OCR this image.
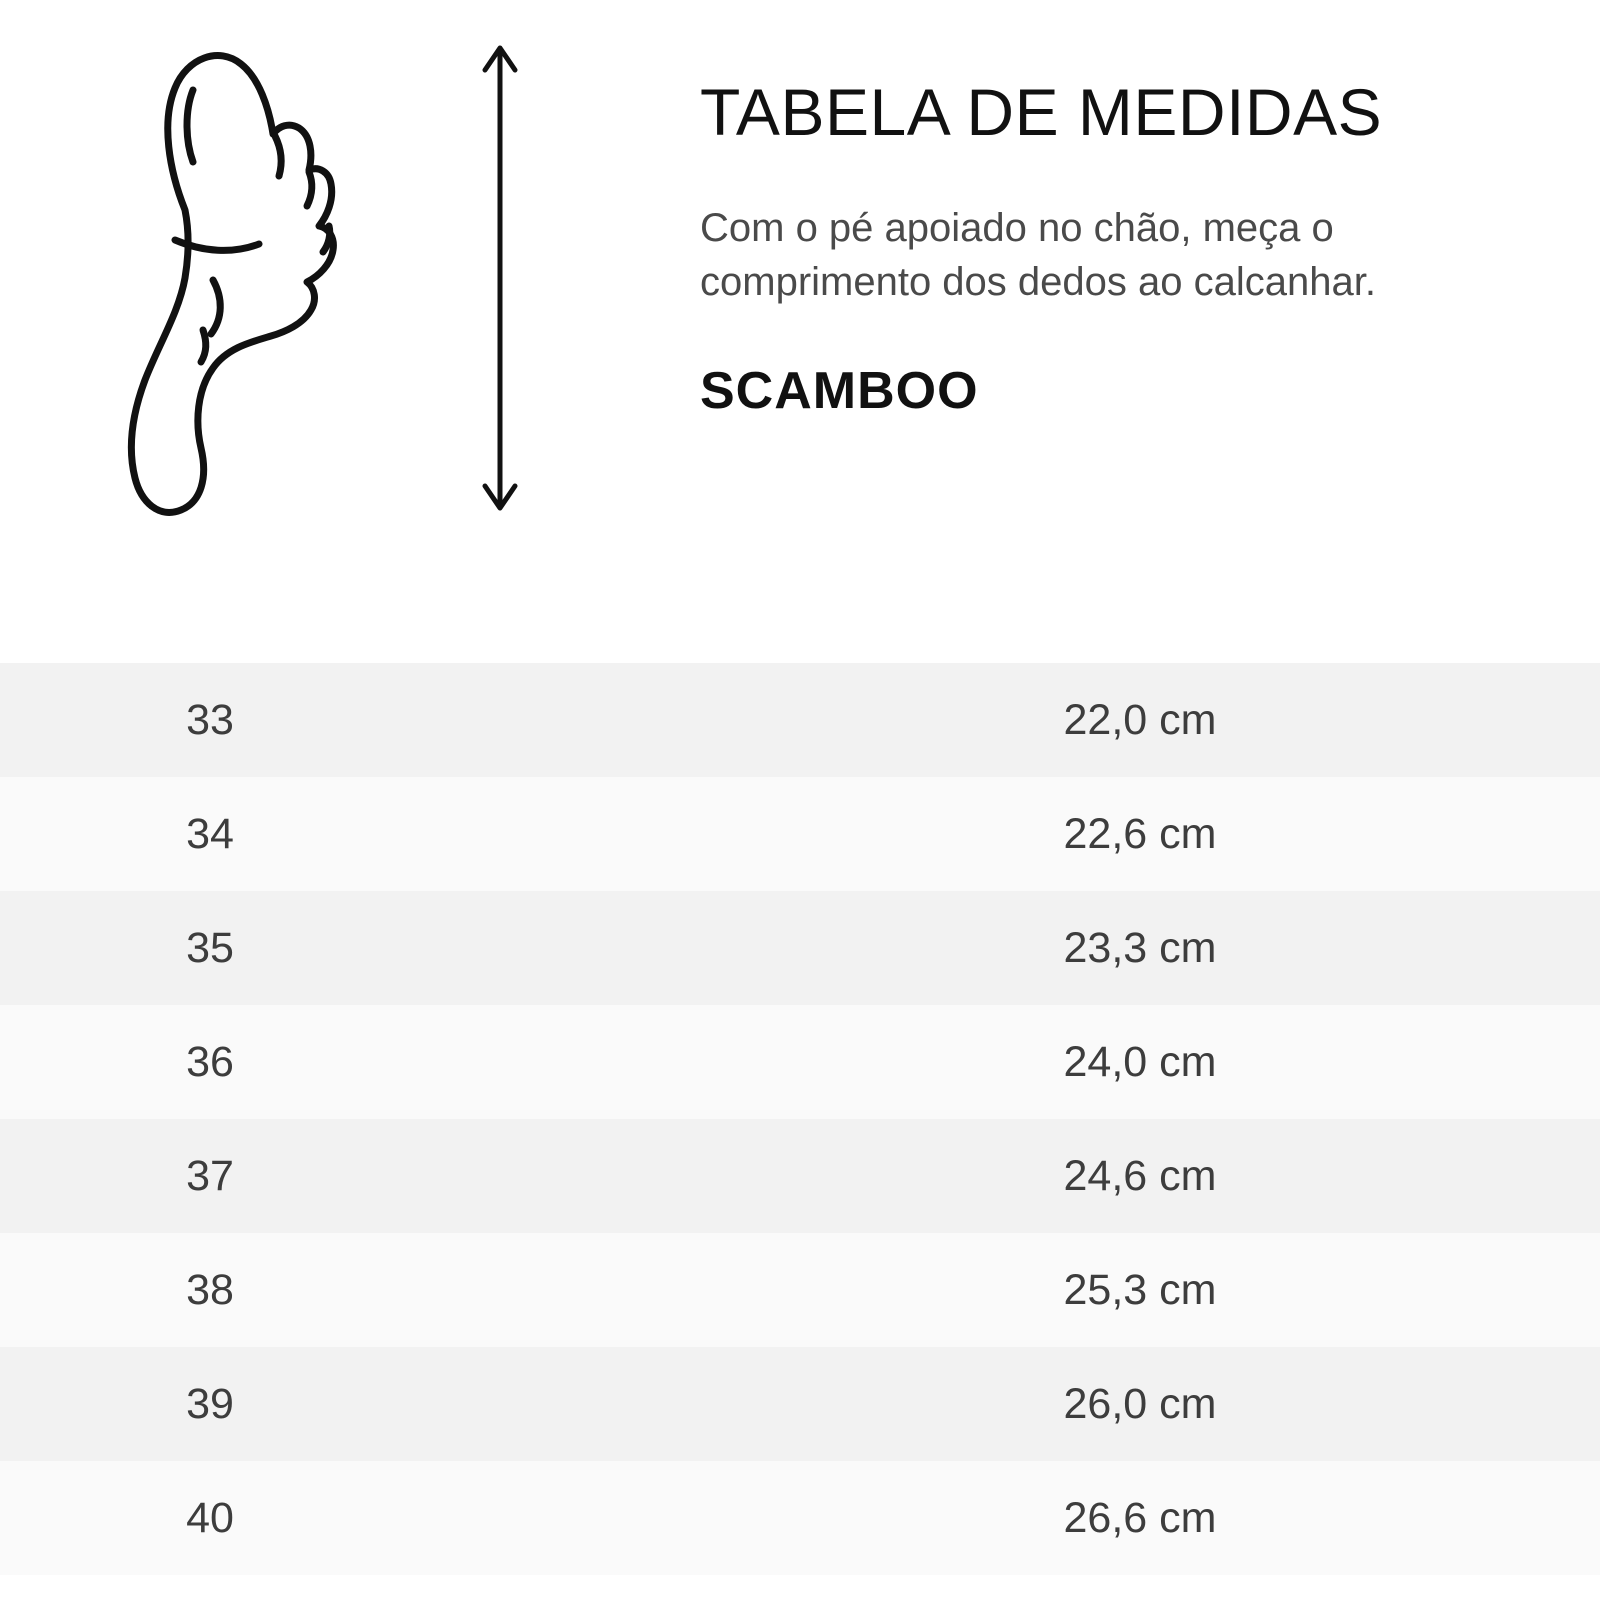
TABELA DE MEDIDAS

Com o pé apoiado no chão, meça o comprimento dos dedos ao calcanhar.

SCAMBOO
33	22,0 cm
34	22,6 cm
35	23,3 cm
36	24,0 cm
37	24,6 cm
38	25,3 cm
39	26,0 cm
40	26,6 cm
